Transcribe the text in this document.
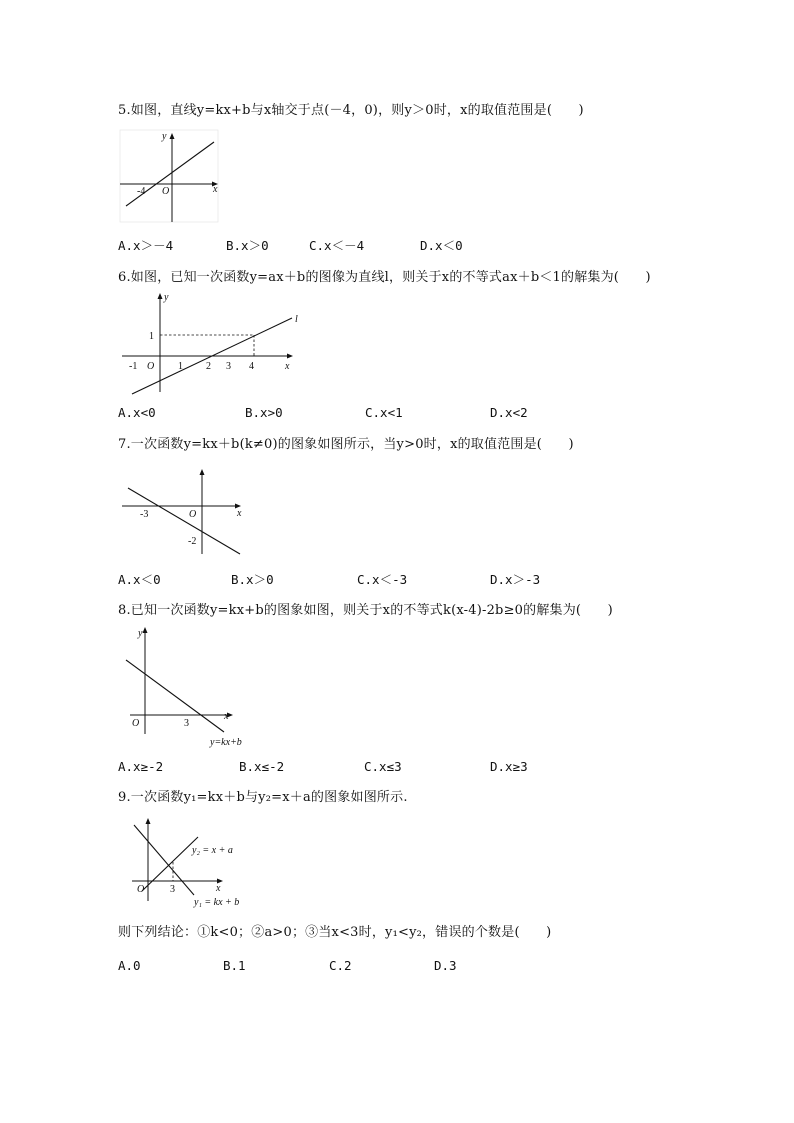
5.如图，直线y=kx+b与x轴交于点(－4，0)，则y＞0时，x的取值范围是(　　)
y
x
O
-4
A.x＞－4	B.x＞0	C.x＜－4	D.x＜0
6.如图，已知一次函数y=ax＋b的图像为直线l，则关于x的不等式ax＋b＜1的解集为(　　)
y
x
l
O
1
-1	1 2 3 4
A.x<0	B.x>0	C.x<1	D.x<2
7.一次函数y=kx＋b(k≠0)的图象如图所示，当y>0时，x的取值范围是(　　)
x
O
-3
-2
A.x＜0	B.x＞0	C.x＜-3	D.x＞-3
8.已知一次函数y=kx+b的图象如图，则关于x的不等式k(x-4)-2b≥0的解集为(　　)
y
x
O	3
y=kx+b
A.x≥-2	B.x≤-2	C.x≤3	D.x≥3
9.一次函数y₁=kx＋b与y₂=x＋a的图象如图所示.
x
O	3
y₂ = x + a
y₁ = kx + b
则下列结论：①k<0；②a>0；③当x<3时，y₁<y₂，错误的个数是(　　)
A.0	B.1	C.2	D.3
